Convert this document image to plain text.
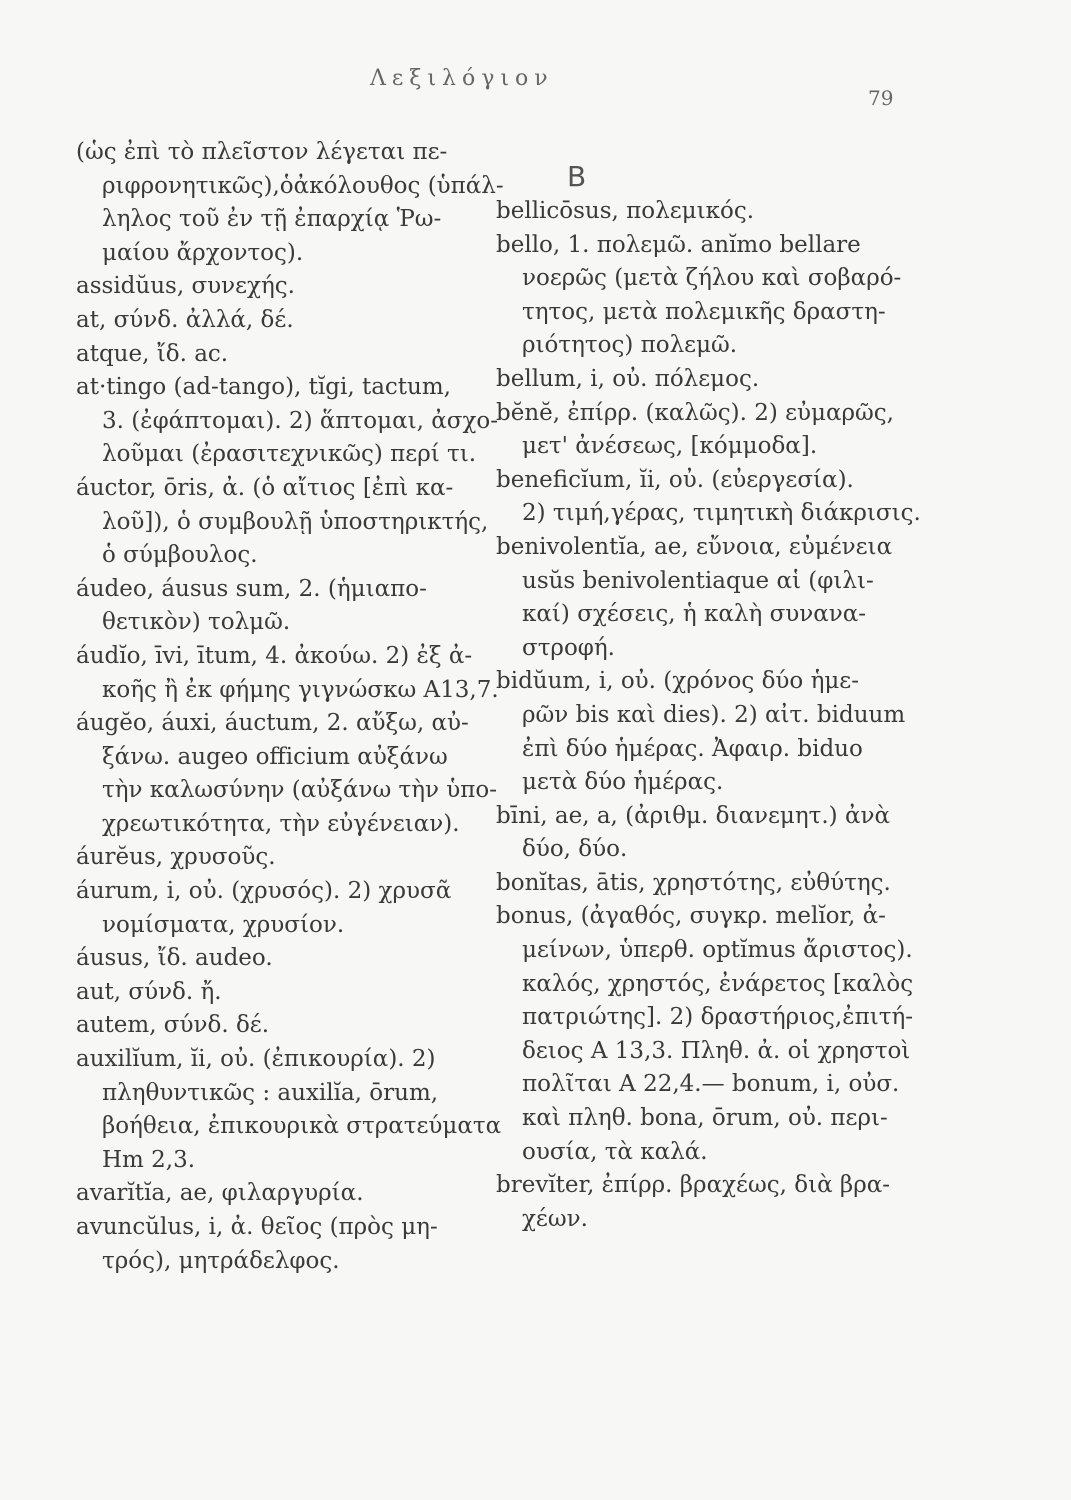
Λεξιλόγιον
79
(ὡς ἐπὶ τὸ πλεῖστον λέγεται πε-
ριφρονητικῶς),ὁἀκόλουθος (ὑπάλ-
ληλος τοῦ ἐν τῇ ἐπαρχίᾳ Ῥω-
μαίου ἄρχοντος).
assidŭus, συνεχής.
at, σύνδ. ἀλλά, δέ.
atque, ἴδ. ac.
at·tingo (ad-tango), tĭgi, tactum,
3. (ἐφάπτομαι). 2) ἅπτομαι, ἀσχο-
λοῦμαι (ἐρασιτεχνικῶς) περί τι.
áuctor, ōris, ἀ. (ὁ αἴτιος [ἐπὶ κα-
λοῦ]), ὁ συμβουλῇ ὑποστηρικτής,
ὁ σύμβουλος.
áudeo, áusus sum, 2. (ἡμιαπο-
θετικὸν) τολμῶ.
áudĭo, īvi, ītum, 4. ἀκούω. 2) ἐξ ἀ-
κοῆς ἢ ἐκ φήμης γιγνώσκω A13,7.
áugĕo, áuxi, áuctum, 2. αὔξω, αὐ-
ξάνω. augeo officium αὐξάνω
τὴν καλωσύνην (αὐξάνω τὴν ὑπο-
χρεωτικότητα, τὴν εὐγένειαν).
áurĕus, χρυσοῦς.
áurum, i, οὐ. (χρυσός). 2) χρυσᾶ
νομίσματα, χρυσίον.
áusus, ἴδ. audeo.
aut, σύνδ. ἤ.
autem, σύνδ. δέ.
auxilĭum, ĭi, οὐ. (ἐπικουρία). 2)
πληθυντικῶς : auxilĭa, ōrum,
βοήθεια, ἐπικουρικὰ στρατεύματα
Hm 2,3.
avarĭtĭa, ae, φιλαργυρία.
avuncŭlus, i, ἀ. θεῖος (πρὸς μη-
τρός), μητράδελφος.
B
bellicōsus, πολεμικός.
bello, 1. πολεμῶ. anĭmo bellare
νοερῶς (μετὰ ζήλου καὶ σοβαρό-
τητος, μετὰ πολεμικῆς δραστη-
ριότητος) πολεμῶ.
bellum, i, οὐ. πόλεμος.
bĕnĕ, ἐπίρρ. (καλῶς). 2) εὐμαρῶς,
μετ' ἀνέσεως, [κόμμοδα].
beneficĭum, ĭi, οὐ. (εὐεργεσία).
2) τιμή,γέρας, τιμητικὴ διάκρισις.
benivolentĭa, ae, εὔνοια, εὐμένεια
usŭs benivolentiaque αἱ (φιλι-
καί) σχέσεις, ἡ καλὴ συνανα-
στροφή.
bidŭum, i, οὐ. (χρόνος δύο ἡμε-
ρῶν bis καὶ dies). 2) αἰτ. biduum
ἐπὶ δύο ἡμέρας. Ἀφαιρ. biduo
μετὰ δύο ἡμέρας.
bīni, ae, a, (ἀριθμ. διανεμητ.) ἀνὰ
δύο, δύο.
bonĭtas, ātis, χρηστότης, εὐθύτης.
bonus, (ἀγαθός, συγκρ. melĭor, ἀ-
μείνων, ὑπερθ. optĭmus ἄριστος).
καλός, χρηστός, ἐνάρετος [καλὸς
πατριώτης]. 2) δραστήριος,ἐπιτή-
δειος A 13,3. Πληθ. ἀ. οἱ χρηστοὶ
πολῖται A 22,4.— bonum, i, οὐσ.
καὶ πληθ. bona, ōrum, οὐ. περι-
ουσία, τὰ καλά.
brevĭter, ἐπίρρ. βραχέως, διὰ βρα-
χέων.
